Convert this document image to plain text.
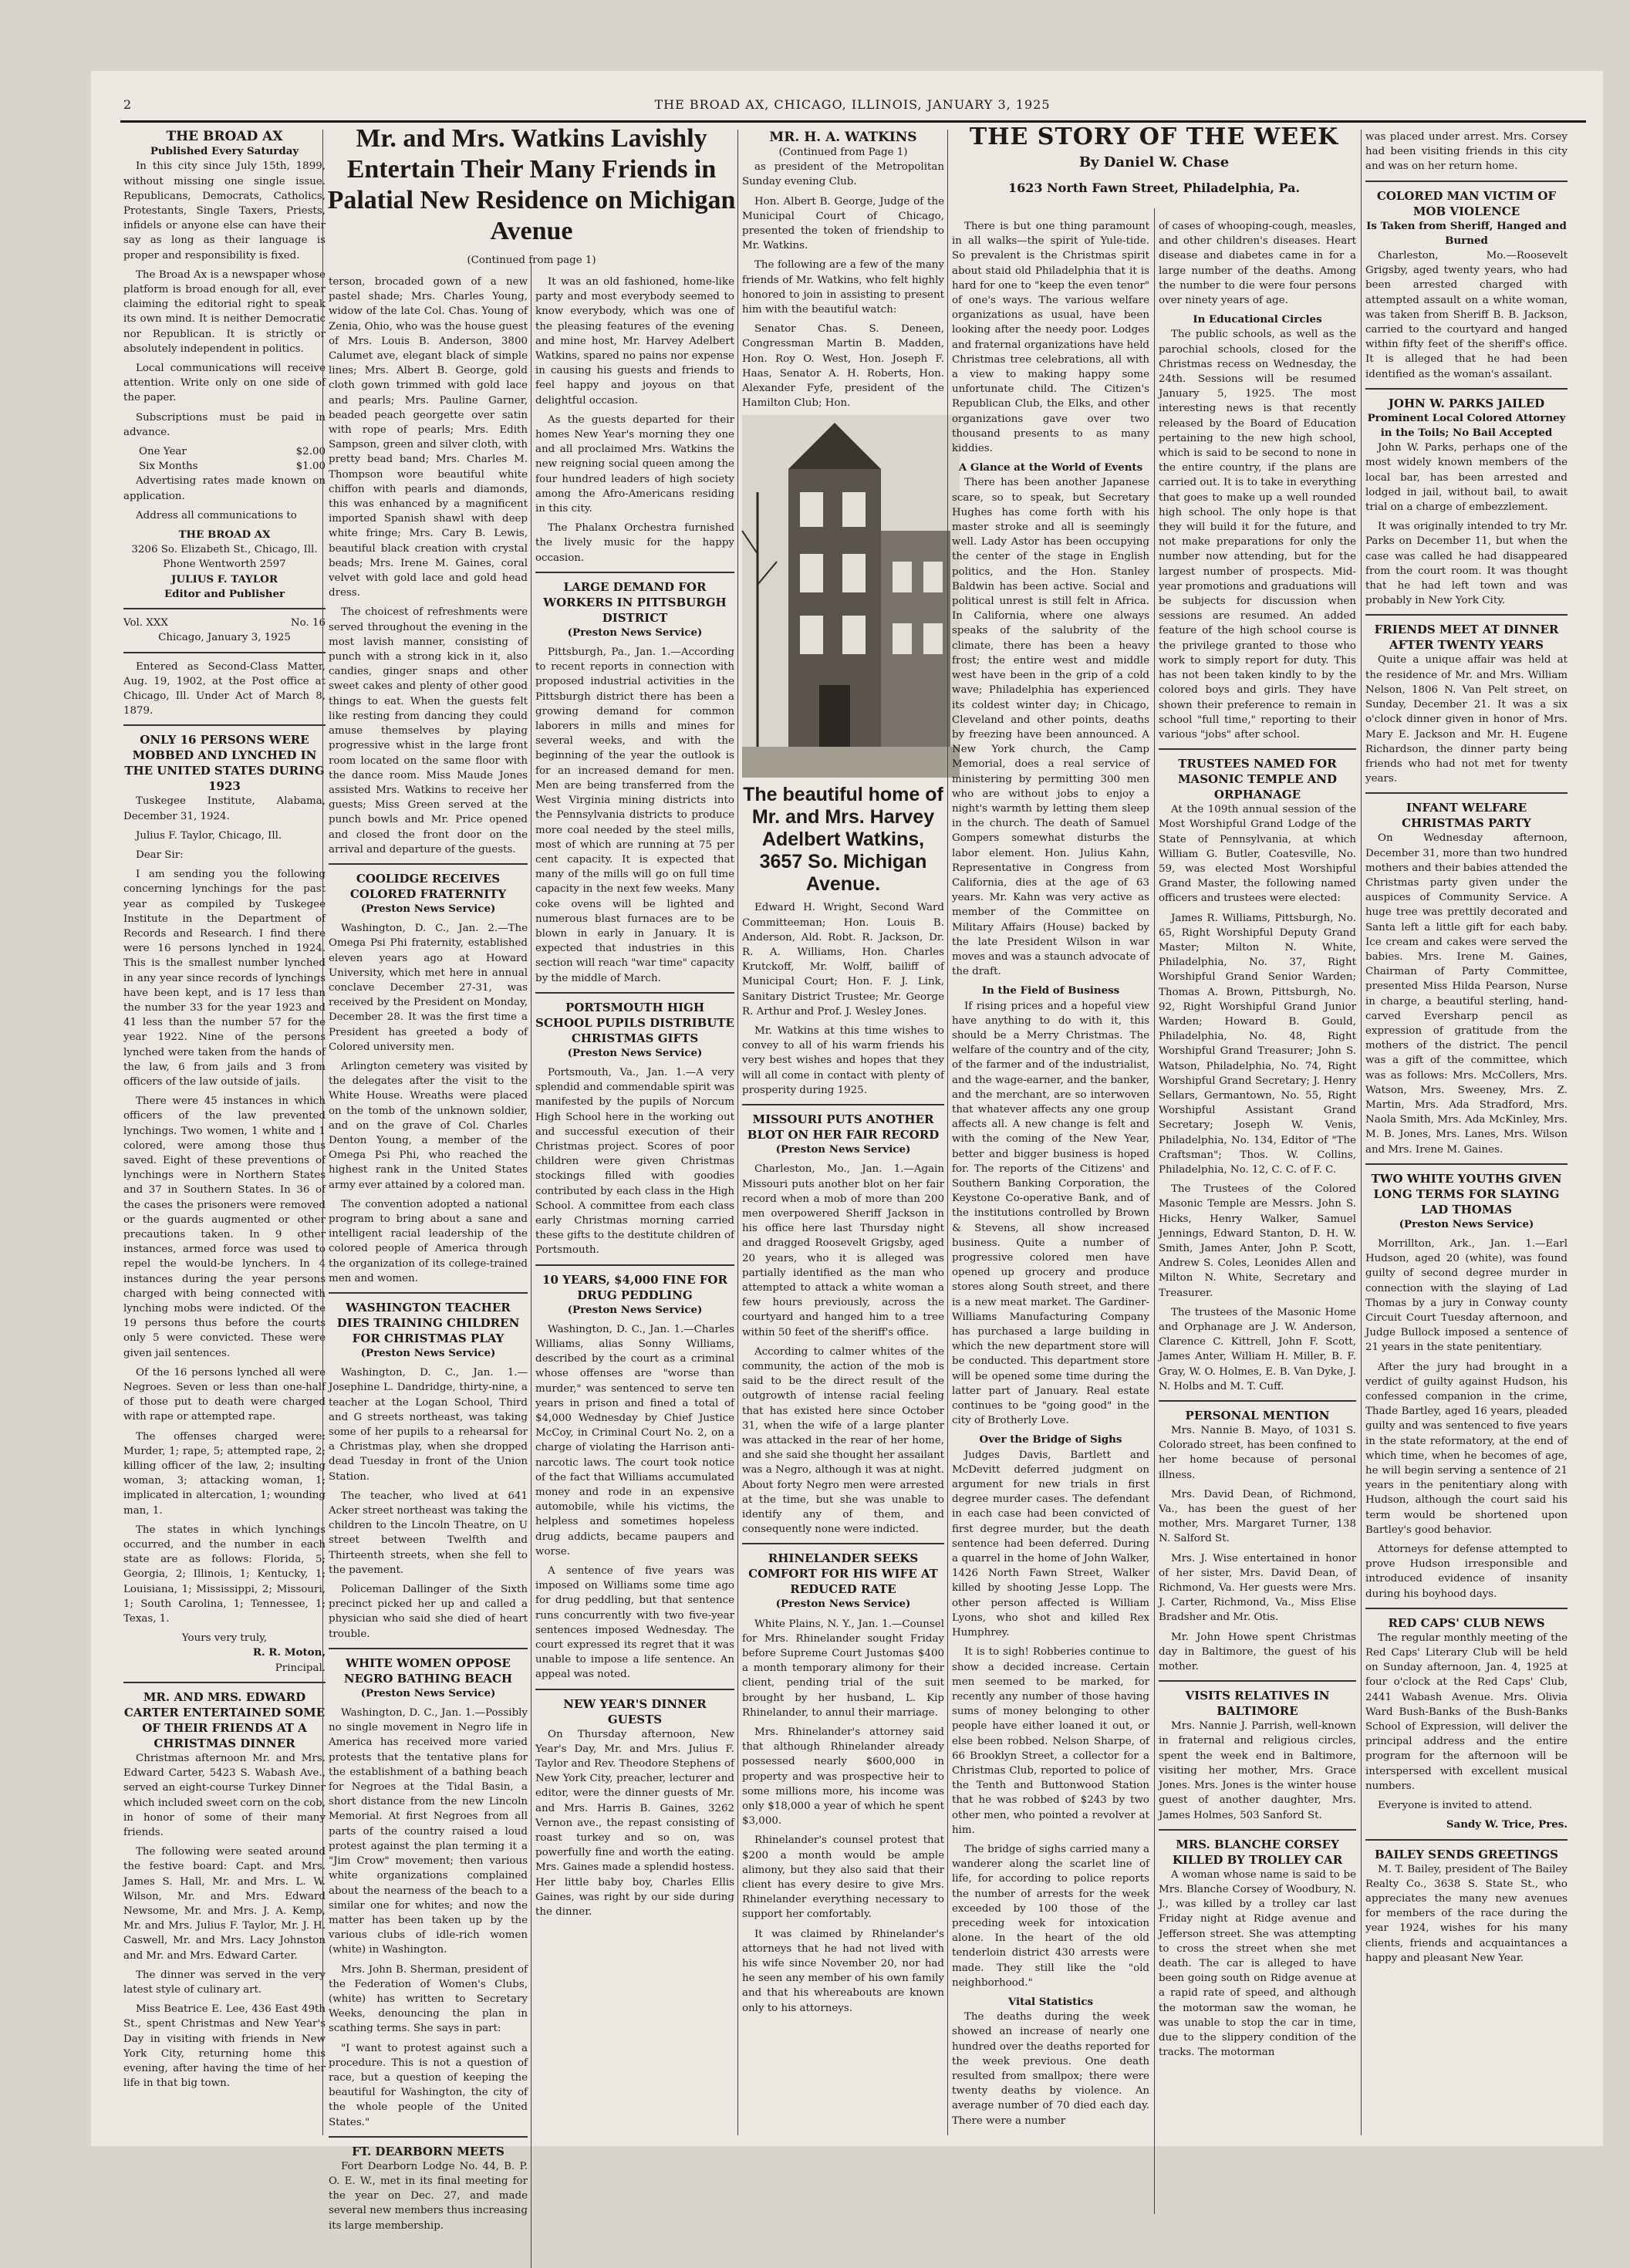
2	THE BROAD AX, CHICAGO, ILLINOIS, JANUARY 3, 1925
THE BROAD AX
Published Every Saturday

In this city since July 15th, 1899, without missing one single issue. Republicans, Democrats, Catholics, Protestants, Single Taxers, Priests, infidels or anyone else can have their say as long as their language is proper and responsibility is fixed.

The Broad Ax is a newspaper whose platform is broad enough for all, ever claiming the editorial right to speak its own mind. It is neither Democratic nor Republican. It is strictly or absolutely independent in politics.

Local communications will receive attention. Write only on one side of the paper.

Subscriptions must be paid in advance.

One Year	$2.00
Six Months	$1.00

Advertising rates made known on application.

Address all communications to

THE BROAD AX
3206 So. Elizabeth St., Chicago, Ill.
Phone Wentworth 2597
JULIUS F. TAYLOR
Editor and Publisher
Vol. XXX	No. 16
Chicago, January 3, 1925

Entered as Second-Class Matter, Aug. 19, 1902, at the Post office at Chicago, Ill. Under Act of March 8, 1879.

ONLY 16 PERSONS WERE MOBBED AND LYNCHED IN THE UNITED STATES DURING 1923

Tuskegee Institute, Alabama, December 31, 1924.

Julius F. Taylor, Chicago, Ill.

Dear Sir:

I am sending you the following concerning lynchings for the past year as compiled by Tuskegee Institute in the Department of Records and Research. I find there were 16 persons lynched in 1924. This is the smallest number lynched in any year since records of lynchings have been kept, and is 17 less than the number 33 for the year 1923 and 41 less than the number 57 for the year 1922. Nine of the persons lynched were taken from the hands of the law, 6 from jails and 3 from officers of the law outside of jails.

There were 45 instances in which officers of the law prevented lynchings. Two women, 1 white and 1 colored, were among those thus saved. Eight of these preventions of lynchings were in Northern States and 37 in Southern States. In 36 of the cases the prisoners were removed or the guards augmented or other precautions taken. In 9 other instances, armed force was used to repel the would-be lynchers. In 4 instances during the year persons charged with being connected with lynching mobs were indicted. Of the 19 persons thus before the courts only 5 were convicted. These were given jail sentences.

Of the 16 persons lynched all were Negroes. Seven or less than one-half of those put to death were charged with rape or attempted rape.

The offenses charged were: Murder, 1; rape, 5; attempted rape, 2; killing officer of the law, 2; insulting woman, 3; attacking woman, 1; implicated in altercation, 1; wounding man, 1.

The states in which lynchings occurred, and the number in each state are as follows: Florida, 5; Georgia, 2; Illinois, 1; Kentucky, 1; Louisiana, 1; Mississippi, 2; Missouri, 1; South Carolina, 1; Tennessee, 1; Texas, 1.

Yours very truly,
R. R. Moton,
Principal.
MR. AND MRS. EDWARD CARTER ENTERTAINED SOME OF THEIR FRIENDS AT A CHRISTMAS DINNER

Christmas afternoon Mr. and Mrs. Edward Carter, 5423 S. Wabash Ave., served an eight-course Turkey Dinner which included sweet corn on the cob, in honor of some of their many friends.

The following were seated around the festive board: Capt. and Mrs. James S. Hall, Mr. and Mrs. L. W. Wilson, Mr. and Mrs. Edward Newsome, Mr. and Mrs. J. A. Kemp, Mr. and Mrs. Julius F. Taylor, Mr. J. H. Caswell, Mr. and Mrs. Lacy Johnston and Mr. and Mrs. Edward Carter.

The dinner was served in the very latest style of culinary art.

Miss Beatrice E. Lee, 436 East 49th St., spent Christmas and New Year's Day in visiting with friends in New York City, returning home this evening, after having the time of her life in that big town.

Mr. and Mrs. Watkins Lavishly Entertain Their Many Friends in Palatial New Residence on Michigan Avenue
(Continued from page 1)

terson, brocaded gown of a new pastel shade; Mrs. Charles Young, widow of the late Col. Chas. Young of Zenia, Ohio, who was the house guest of Mrs. Louis B. Anderson, 3800 Calumet ave, elegant black of simple lines; Mrs. Albert B. George, gold cloth gown trimmed with gold lace and pearls; Mrs. Pauline Garner, beaded peach georgette over satin with rope of pearls; Mrs. Edith Sampson, green and silver cloth, with pretty bead band; Mrs. Charles M. Thompson wore beautiful white chiffon with pearls and diamonds, this was enhanced by a magnificent imported Spanish shawl with deep white fringe; Mrs. Cary B. Lewis, beautiful black creation with crystal beads; Mrs. Irene M. Gaines, coral velvet with gold lace and gold head dress.

The choicest of refreshments were served throughout the evening in the most lavish manner, consisting of punch with a strong kick in it, also candies, ginger snaps and other sweet cakes and plenty of other good things to eat. When the guests felt like resting from dancing they could amuse themselves by playing progressive whist in the large front room located on the same floor with the dance room. Miss Maude Jones assisted Mrs. Watkins to receive her guests; Miss Green served at the punch bowls and Mr. Price opened and closed the front door on the arrival and departure of the guests.

COOLIDGE RECEIVES COLORED FRATERNITY
(Preston News Service)

Washington, D. C., Jan. 2.—The Omega Psi Phi fraternity, established eleven years ago at Howard University, which met here in annual conclave December 27-31, was received by the President on Monday, December 28. It was the first time a President has greeted a body of Colored university men.

Arlington cemetery was visited by the delegates after the visit to the White House. Wreaths were placed on the tomb of the unknown soldier, and on the grave of Col. Charles Denton Young, a member of the Omega Psi Phi, who reached the highest rank in the United States army ever attained by a colored man.

The convention adopted a national program to bring about a sane and intelligent racial leadership of the colored people of America through the organization of its college-trained men and women.

WASHINGTON TEACHER DIES TRAINING CHILDREN FOR CHRISTMAS PLAY
(Preston News Service)

Washington, D. C., Jan. 1.—Josephine L. Dandridge, thirty-nine, a teacher at the Logan School, Third and G streets northeast, was taking some of her pupils to a rehearsal for a Christmas play, when she dropped dead Tuesday in front of the Union Station.

The teacher, who lived at 641 Acker street northeast was taking the children to the Lincoln Theatre, on U street between Twelfth and Thirteenth streets, when she fell to the pavement.

Policeman Dallinger of the Sixth precinct picked her up and called a physician who said she died of heart trouble.

WHITE WOMEN OPPOSE NEGRO BATHING BEACH
(Preston News Service)

Washington, D. C., Jan. 1.—Possibly no single movement in Negro life in America has received more varied protests that the tentative plans for the establishment of a bathing beach for Negroes at the Tidal Basin, a short distance from the new Lincoln Memorial. At first Negroes from all parts of the country raised a loud protest against the plan terming it a "Jim Crow" movement; then various white organizations complained about the nearness of the beach to a similar one for whites; and now the matter has been taken up by the various clubs of idle-rich women (white) in Washington.

Mrs. John B. Sherman, president of the Federation of Women's Clubs, (white) has written to Secretary Weeks, denouncing the plan in scathing terms. She says in part:

"I want to protest against such a procedure. This is not a question of race, but a question of keeping the beautiful for Washington, the city of the whole people of the United States."

FT. DEARBORN MEETS

Fort Dearborn Lodge No. 44, B. P. O. E. W., met in its final meeting for the year on Dec. 27, and made several new members thus increasing its large membership.

It was an old fashioned, home-like party and most everybody seemed to know everybody, which was one of the pleasing features of the evening and mine host, Mr. Harvey Adelbert Watkins, spared no pains nor expense in causing his guests and friends to feel happy and joyous on that delightful occasion.

As the guests departed for their homes New Year's morning they one and all proclaimed Mrs. Watkins the new reigning social queen among the four hundred leaders of high society among the Afro-Americans residing in this city.

The Phalanx Orchestra furnished the lively music for the happy occasion.

LARGE DEMAND FOR WORKERS IN PITTSBURGH DISTRICT
(Preston News Service)

Pittsburgh, Pa., Jan. 1.—According to recent reports in connection with proposed industrial activities in the Pittsburgh district there has been a growing demand for common laborers in mills and mines for several weeks, and with the beginning of the year the outlook is for an increased demand for men. Men are being transferred from the West Virginia mining districts into the Pennsylvania districts to produce more coal needed by the steel mills, most of which are running at 75 per cent capacity. It is expected that many of the mills will go on full time capacity in the next few weeks. Many coke ovens will be lighted and numerous blast furnaces are to be blown in early in January. It is expected that industries in this section will reach "war time" capacity by the middle of March.

PORTSMOUTH HIGH SCHOOL PUPILS DISTRIBUTE CHRISTMAS GIFTS
(Preston News Service)

Portsmouth, Va., Jan. 1.—A very splendid and commendable spirit was manifested by the pupils of Norcum High School here in the working out and successful execution of their Christmas project. Scores of poor children were given Christmas stockings filled with goodies contributed by each class in the High School. A committee from each class early Christmas morning carried these gifts to the destitute children of Portsmouth.

10 YEARS, $4,000 FINE FOR DRUG PEDDLING
(Preston News Service)

Washington, D. C., Jan. 1.—Charles Williams, alias Sonny Williams, described by the court as a criminal whose offenses are "worse than murder," was sentenced to serve ten years in prison and fined a total of $4,000 Wednesday by Chief Justice McCoy, in Criminal Court No. 2, on a charge of violating the Harrison anti-narcotic laws. The court took notice of the fact that Williams accumulated money and rode in an expensive automobile, while his victims, the helpless and sometimes hopeless drug addicts, became paupers and worse.

A sentence of five years was imposed on Williams some time ago for drug peddling, but that sentence runs concurrently with two five-year sentences imposed Wednesday. The court expressed its regret that it was unable to impose a life sentence. An appeal was noted.

NEW YEAR'S DINNER GUESTS

On Thursday afternoon, New Year's Day, Mr. and Mrs. Julius F. Taylor and Rev. Theodore Stephens of New York City, preacher, lecturer and editor, were the dinner guests of Mr. and Mrs. Harris B. Gaines, 3262 Vernon ave., the repast consisting of roast turkey and so on, was powerfully fine and worth the eating. Mrs. Gaines made a splendid hostess. Her little baby boy, Charles Ellis Gaines, was right by our side during the dinner.

MR. H. A. WATKINS
(Continued from Page 1)

as president of the Metropolitan Sunday evening Club.

Hon. Albert B. George, Judge of the Municipal Court of Chicago, presented the token of friendship to Mr. Watkins.

The following are a few of the many friends of Mr. Watkins, who felt highly honored to join in assisting to present him with the beautiful watch:

Senator Chas. S. Deneen, Congressman Martin B. Madden, Hon. Roy O. West, Hon. Joseph F. Haas, Senator A. H. Roberts, Hon. Alexander Fyfe, president of the Hamilton Club; Hon.

The beautiful home of Mr. and Mrs. Harvey Adelbert Watkins, 3657 So. Michigan Avenue.

Edward H. Wright, Second Ward Committeeman; Hon. Louis B. Anderson, Ald. Robt. R. Jackson, Dr. R. A. Williams, Hon. Charles Krutckoff, Mr. Wolff, bailiff of Municipal Court; Hon. F. J. Link, Sanitary District Trustee; Mr. George R. Arthur and Prof. J. Wesley Jones.

Mr. Watkins at this time wishes to convey to all of his warm friends his very best wishes and hopes that they will all come in contact with plenty of prosperity during 1925.

MISSOURI PUTS ANOTHER BLOT ON HER FAIR RECORD
(Preston News Service)

Charleston, Mo., Jan. 1.—Again Missouri puts another blot on her fair record when a mob of more than 200 men overpowered Sheriff Jackson in his office here last Thursday night and dragged Roosevelt Grigsby, aged 20 years, who it is alleged was partially identified as the man who attempted to attack a white woman a few hours previously, across the courtyard and hanged him to a tree within 50 feet of the sheriff's office.

According to calmer whites of the community, the action of the mob is said to be the direct result of the outgrowth of intense racial feeling that has existed here since October 31, when the wife of a large planter was attacked in the rear of her home, and she said she thought her assailant was a Negro, although it was at night. About forty Negro men were arrested at the time, but she was unable to identify any of them, and consequently none were indicted.

RHINELANDER SEEKS COMFORT FOR HIS WIFE AT REDUCED RATE
(Preston News Service)

White Plains, N. Y., Jan. 1.—Counsel for Mrs. Rhinelander sought Friday before Supreme Court Justomas $400 a month temporary alimony for their client, pending trial of the suit brought by her husband, L. Kip Rhinelander, to annul their marriage.

Mrs. Rhinelander's attorney said that although Rhinelander already possessed nearly $600,000 in property and was prospective heir to some millions more, his income was only $18,000 a year of which he spent $3,000.

Rhinelander's counsel protest that $200 a month would be ample alimony, but they also said that their client has every desire to give Mrs. Rhinelander everything necessary to support her comfortably.

It was claimed by Rhinelander's attorneys that he had not lived with his wife since November 20, nor had he seen any member of his own family and that his whereabouts are known only to his attorneys.

THE STORY OF THE WEEK
By Daniel W. Chase
1623 North Fawn Street, Philadelphia, Pa.

There is but one thing paramount in all walks—the spirit of Yule-tide. So prevalent is the Christmas spirit about staid old Philadelphia that it is hard for one to "keep the even tenor" of one's ways. The various welfare organizations as usual, have been looking after the needy poor. Lodges and fraternal organizations have held Christmas tree celebrations, all with a view to making happy some unfortunate child. The Citizen's Republican Club, the Elks, and other organizations gave over two thousand presents to as many kiddies.

A Glance at the World of Events

There has been another Japanese scare, so to speak, but Secretary Hughes has come forth with his master stroke and all is seemingly well. Lady Astor has been occupying the center of the stage in English politics, and the Hon. Stanley Baldwin has been active. Social and political unrest is still felt in Africa. In California, where one always speaks of the salubrity of the climate, there has been a heavy frost; the entire west and middle west have been in the grip of a cold wave; Philadelphia has experienced its coldest winter day; in Chicago, Cleveland and other points, deaths by freezing have been announced. A New York church, the Camp Memorial, does a real service of ministering by permitting 300 men who are without jobs to enjoy a night's warmth by letting them sleep in the church. The death of Samuel Gompers somewhat disturbs the labor element. Hon. Julius Kahn, Representative in Congress from California, dies at the age of 63 years. Mr. Kahn was very active as member of the Committee on Military Affairs (House) backed by the late President Wilson in war moves and was a staunch advocate of the draft.

In the Field of Business

If rising prices and a hopeful view have anything to do with it, this should be a Merry Christmas. The welfare of the country and of the city, of the farmer and of the industrialist, and the wage-earner, and the banker, and the merchant, are so interwoven that whatever affects any one group affects all. A new change is felt and with the coming of the New Year, better and bigger business is hoped for. The reports of the Citizens' and Southern Banking Corporation, the Keystone Co-operative Bank, and of the institutions controlled by Brown & Stevens, all show increased business. Quite a number of progressive colored men have opened up grocery and produce stores along South street, and there is a new meat market. The Gardiner-Williams Manufacturing Company has purchased a large building in which the new department store will be conducted. This department store will be opened some time during the latter part of January. Real estate continues to be "going good" in the city of Brotherly Love.

Over the Bridge of Sighs

Judges Davis, Bartlett and McDevitt deferred judgment on argument for new trials in first degree murder cases. The defendant in each case had been convicted of first degree murder, but the death sentence had been deferred. During a quarrel in the home of John Walker, 1426 North Fawn Street, Walker killed by shooting Jesse Lopp. The other person affected is William Lyons, who shot and killed Rex Humphrey.

It is to sigh! Robberies continue to show a decided increase. Certain men seemed to be marked, for recently any number of those having sums of money belonging to other people have either loaned it out, or else been robbed. Nelson Sharpe, of 66 Brooklyn Street, a collector for a Christmas Club, reported to police of the Tenth and Buttonwood Station that he was robbed of $243 by two other men, who pointed a revolver at him.

The bridge of sighs carried many a wanderer along the scarlet line of life, for according to police reports the number of arrests for the week exceeded by 100 those of the preceding week for intoxication alone. In the heart of the old tenderloin district 430 arrests were made. They still like the "old neighborhood."

Vital Statistics

The deaths during the week showed an increase of nearly one hundred over the deaths reported for the week previous. One death resulted from smallpox; there were twenty deaths by violence. An average number of 70 died each day. There were a number

of cases of whooping-cough, measles, and other children's diseases. Heart disease and diabetes came in for a large number of the deaths. Among the number to die were four persons over ninety years of age.

In Educational Circles

The public schools, as well as the parochial schools, closed for the Christmas recess on Wednesday, the 24th. Sessions will be resumed January 5, 1925. The most interesting news is that recently released by the Board of Education pertaining to the new high school, which is said to be second to none in the entire country, if the plans are carried out. It is to take in everything that goes to make up a well rounded high school. The only hope is that they will build it for the future, and not make preparations for only the number now attending, but for the largest number of prospects. Mid-year promotions and graduations will be subjects for discussion when sessions are resumed. An added feature of the high school course is the privilege granted to those who work to simply report for duty. This has not been taken kindly to by the colored boys and girls. They have shown their preference to remain in school "full time," reporting to their various "jobs" after school.

TRUSTEES NAMED FOR MASONIC TEMPLE AND ORPHANAGE

At the 109th annual session of the Most Worshipful Grand Lodge of the State of Pennsylvania, at which William G. Butler, Coatesville, No. 59, was elected Most Worshipful Grand Master, the following named officers and trustees were elected:

James R. Williams, Pittsburgh, No. 65, Right Worshipful Deputy Grand Master; Milton N. White, Philadelphia, No. 37, Right Worshipful Grand Senior Warden; Thomas A. Brown, Pittsburgh, No. 92, Right Worshipful Grand Junior Warden; Howard B. Gould, Philadelphia, No. 48, Right Worshipful Grand Treasurer; John S. Watson, Philadelphia, No. 74, Right Worshipful Grand Secretary; J. Henry Sellars, Germantown, No. 55, Right Worshipful Assistant Grand Secretary; Joseph W. Venis, Philadelphia, No. 134, Editor of "The Craftsman"; Thos. W. Collins, Philadelphia, No. 12, C. C. of F. C.

The Trustees of the Colored Masonic Temple are Messrs. John S. Hicks, Henry Walker, Samuel Jennings, Edward Stanton, D. H. W. Smith, James Anter, John P. Scott, Andrew S. Coles, Leonides Allen and Milton N. White, Secretary and Treasurer.

The trustees of the Masonic Home and Orphanage are J. W. Anderson, Clarence C. Kittrell, John F. Scott, James Anter, William H. Miller, B. F. Gray, W. O. Holmes, E. B. Van Dyke, J. N. Holbs and M. T. Cuff.

PERSONAL MENTION

Mrs. Nannie B. Mayo, of 1031 S. Colorado street, has been confined to her home because of personal illness.

Mrs. David Dean, of Richmond, Va., has been the guest of her mother, Mrs. Margaret Turner, 138 N. Salford St.

Mrs. J. Wise entertained in honor of her sister, Mrs. David Dean, of Richmond, Va. Her guests were Mrs. J. Carter, Richmond, Va., Miss Elise Bradsher and Mr. Otis.

Mr. John Howe spent Christmas day in Baltimore, the guest of his mother.

VISITS RELATIVES IN BALTIMORE

Mrs. Nannie J. Parrish, well-known in fraternal and religious circles, spent the week end in Baltimore, visiting her mother, Mrs. Grace Jones. Mrs. Jones is the winter house guest of another daughter, Mrs. James Holmes, 503 Sanford St.

MRS. BLANCHE CORSEY KILLED BY TROLLEY CAR

A woman whose name is said to be Mrs. Blanche Corsey of Woodbury, N. J., was killed by a trolley car last Friday night at Ridge avenue and Jefferson street. She was attempting to cross the street when she met death. The car is alleged to have been going south on Ridge avenue at a rapid rate of speed, and although the motorman saw the woman, he was unable to stop the car in time, due to the slippery condition of the tracks. The motorman

was placed under arrest. Mrs. Corsey had been visiting friends in this city and was on her return home.

COLORED MAN VICTIM OF MOB VIOLENCE
Is Taken from Sheriff, Hanged and Burned

Charleston, Mo.—Roosevelt Grigsby, aged twenty years, who had been arrested charged with attempted assault on a white woman, was taken from Sheriff B. B. Jackson, carried to the courtyard and hanged within fifty feet of the sheriff's office. It is alleged that he had been identified as the woman's assailant.

JOHN W. PARKS JAILED
Prominent Local Colored Attorney in the Toils; No Bail Accepted

John W. Parks, perhaps one of the most widely known members of the local bar, has been arrested and lodged in jail, without bail, to await trial on a charge of embezzlement.

It was originally intended to try Mr. Parks on December 11, but when the case was called he had disappeared from the court room. It was thought that he had left town and was probably in New York City.

FRIENDS MEET AT DINNER AFTER TWENTY YEARS

Quite a unique affair was held at the residence of Mr. and Mrs. William Nelson, 1806 N. Van Pelt street, on Sunday, December 21. It was a six o'clock dinner given in honor of Mrs. Mary E. Jackson and Mr. H. Eugene Richardson, the dinner party being friends who had not met for twenty years.

INFANT WELFARE CHRISTMAS PARTY

On Wednesday afternoon, December 31, more than two hundred mothers and their babies attended the Christmas party given under the auspices of Community Service. A huge tree was prettily decorated and Santa left a little gift for each baby. Ice cream and cakes were served the babies. Mrs. Irene M. Gaines, Chairman of Party Committee, presented Miss Hilda Pearson, Nurse in charge, a beautiful sterling, hand-carved Eversharp pencil as expression of gratitude from the mothers of the district. The pencil was a gift of the committee, which was as follows: Mrs. McCollers, Mrs. Watson, Mrs. Sweeney, Mrs. Z. Martin, Mrs. Ada Stradford, Mrs. Naola Smith, Mrs. Ada McKinley, Mrs. M. B. Jones, Mrs. Lanes, Mrs. Wilson and Mrs. Irene M. Gaines.

TWO WHITE YOUTHS GIVEN LONG TERMS FOR SLAYING LAD THOMAS
(Preston News Service)

Morrillton, Ark., Jan. 1.—Earl Hudson, aged 20 (white), was found guilty of second degree murder in connection with the slaying of Lad Thomas by a jury in Conway county Circuit Court Tuesday afternoon, and Judge Bullock imposed a sentence of 21 years in the state penitentiary.

After the jury had brought in a verdict of guilty against Hudson, his confessed companion in the crime, Thade Bartley, aged 16 years, pleaded guilty and was sentenced to five years in the state reformatory, at the end of which time, when he becomes of age, he will begin serving a sentence of 21 years in the penitentiary along with Hudson, although the court said his term would be shortened upon Bartley's good behavior.

Attorneys for defense attempted to prove Hudson irresponsible and introduced evidence of insanity during his boyhood days.

RED CAPS' CLUB NEWS

The regular monthly meeting of the Red Caps' Literary Club will be held on Sunday afternoon, Jan. 4, 1925 at four o'clock at the Red Caps' Club, 2441 Wabash Avenue. Mrs. Olivia Ward Bush-Banks of the Bush-Banks School of Expression, will deliver the principal address and the entire program for the afternoon will be interspersed with excellent musical numbers.

Everyone is invited to attend.

Sandy W. Trice, Pres.
BAILEY SENDS GREETINGS

M. T. Bailey, president of The Bailey Realty Co., 3638 S. State St., who appreciates the many new avenues for members of the race during the year 1924, wishes for his many clients, friends and acquaintances a happy and pleasant New Year.
